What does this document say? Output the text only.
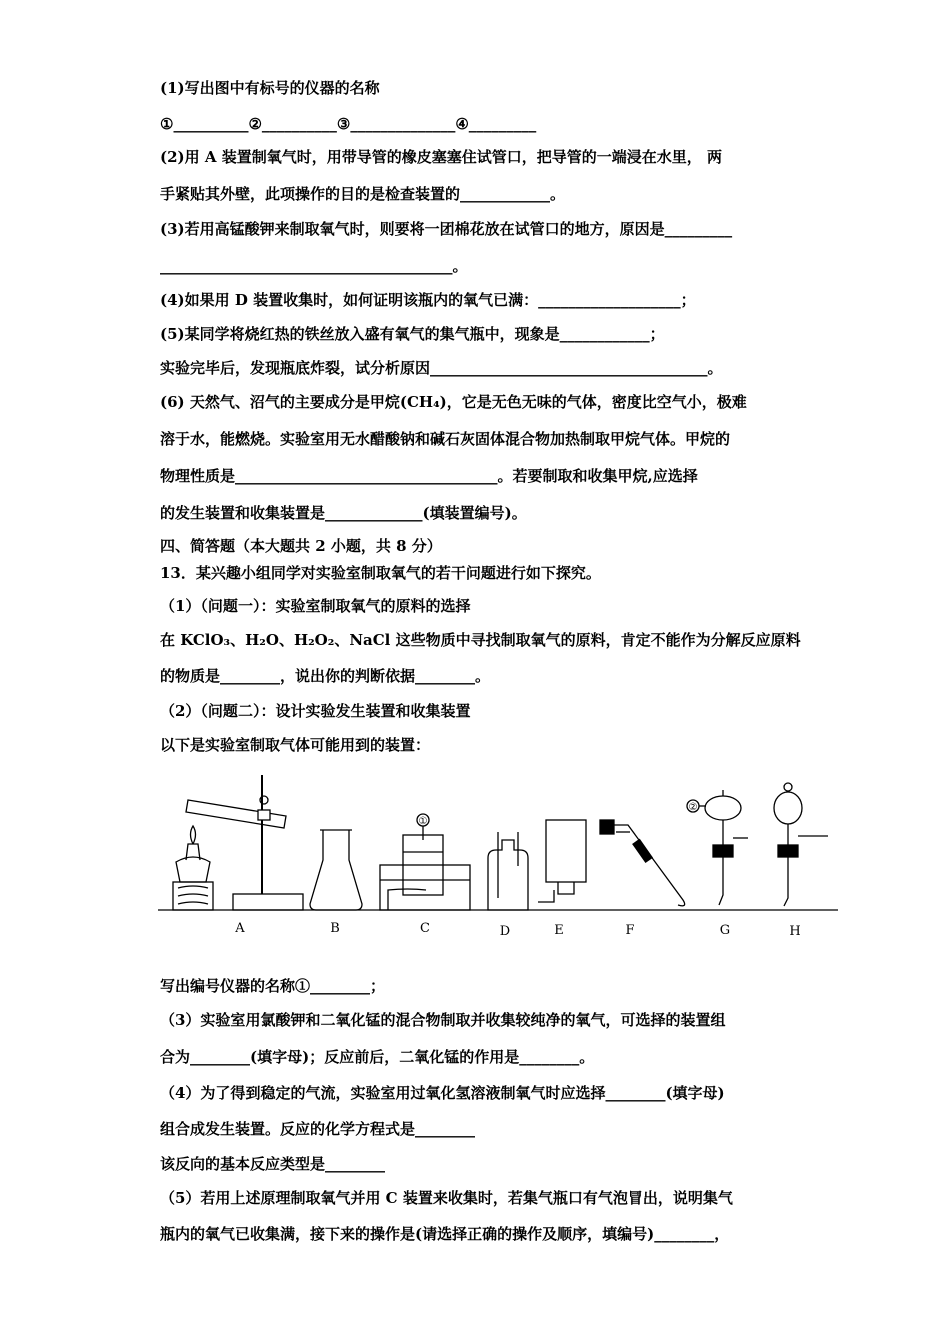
(1)写出图中有标号的仪器的名称
①__________②__________③______________④_________
(2)用 A 装置制氧气时，用带导管的橡皮塞塞住试管口，把导管的一端浸在水里， 两
手紧贴其外壁，此项操作的目的是检查装置的____________。
(3)若用高锰酸钾来制取氧气时，则要将一团棉花放在试管口的地方，原因是_________
_______________________________________。
(4)如果用 D 装置收集时，如何证明该瓶内的氧气已满：___________________；
(5)某同学将烧红热的铁丝放入盛有氧气的集气瓶中，现象是____________；
实验完毕后，发现瓶底炸裂，试分析原因_____________________________________。
(6) 天然气、沼气的主要成分是甲烷(CH₄)，它是无色无味的气体，密度比空气小，极难
溶于水，能燃烧。实验室用无水醋酸钠和碱石灰固体混合物加热制取甲烷气体。甲烷的
物理性质是___________________________________。若要制取和收集甲烷,应选择
的发生装置和收集装置是_____________(填装置编号)。
四、简答题（本大题共 2 小题，共 8 分）
13．某兴趣小组同学对实验室制取氧气的若干问题进行如下探究。
（1）（问题一）：实验室制取氧气的原料的选择
在 KClO₃、H₂O、H₂O₂、NaCl 这些物质中寻找制取氧气的原料，肯定不能作为分解反应原料
的物质是________，说出你的判断依据________。
（2）（问题二）：设计实验发生装置和收集装置
以下是实验室制取气体可能用到的装置：
写出编号仪器的名称①________；
（3）实验室用氯酸钾和二氧化锰的混合物制取并收集较纯净的氧气，可选择的装置组
合为________(填字母)；反应前后，二氧化锰的作用是________。
（4）为了得到稳定的气流，实验室用过氧化氢溶液制氧气时应选择________(填字母)
组合成发生装置。反应的化学方程式是________
该反向的基本反应类型是________
（5）若用上述原理制取氧气并用 C 装置来收集时，若集气瓶口有气泡冒出，说明集气
瓶内的氧气已收集满，接下来的操作是(请选择正确的操作及顺序，填编号)________，
①
②
A	B	C	D	E	F	G	H
